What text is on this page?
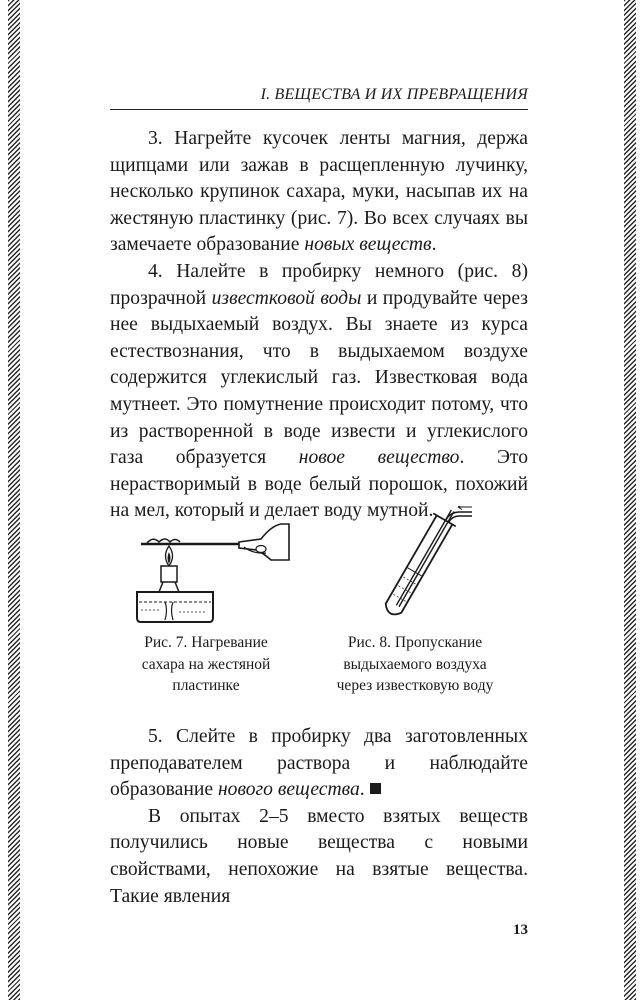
I. ВЕЩЕСТВА И ИХ ПРЕВРАЩЕНИЯ

3. Нагрейте кусочек ленты магния, держа щипцами или зажав в расщепленную лучинку, несколько крупинок сахара, муки, насыпав их на жестяную пластинку (рис. 7). Во всех случаях вы замечаете образование новых веществ.

4. Налейте в пробирку немного (рис. 8) прозрачной известковой воды и продувайте через нее выдыхаемый воздух. Вы знаете из курса естествознания, что в выдыхаемом воздухе содержится углекислый газ. Известковая вода мутнеет. Это помутнение происходит потому, что из растворенной в воде извести и углекислого газа образуется новое вещество. Это нерастворимый в воде белый порошок, похожий на мел, который и делает воду мутной.

Рис. 7. Нагревание
сахара на жестяной
пластинке
Рис. 8. Пропускание
выдыхаемого воздуха
через известковую воду

5. Слейте в пробирку два заготовленных преподавателем раствора и наблюдайте образование нового вещества.

В опытах 2–5 вместо взятых веществ получились новые вещества с новыми свойствами, непохожие на взятые вещества. Такие явления

13
